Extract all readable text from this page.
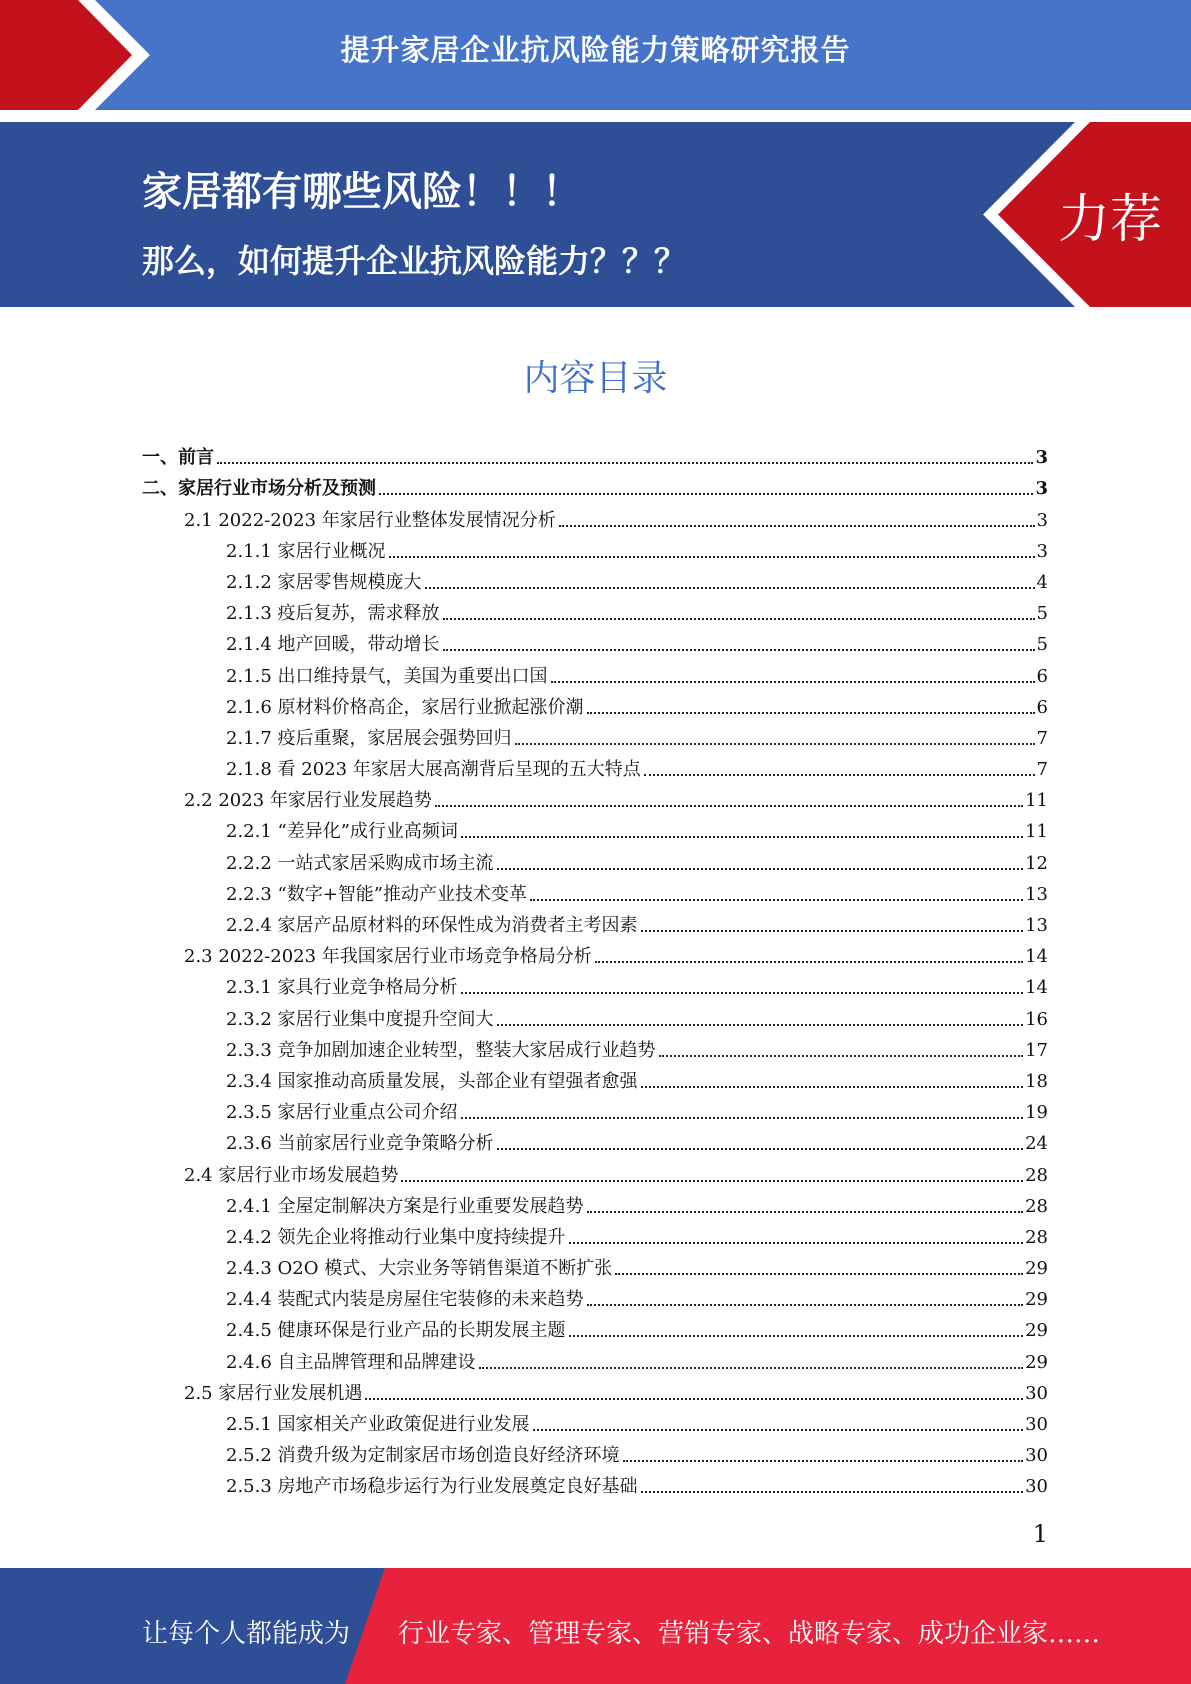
提升家居企业抗风险能力策略研究报告
家居都有哪些风险！！！
那么，如何提升企业抗风险能力？？？
力荐
内容目录
一、前言	3
二、家居行业市场分析及预测	3
2.1 2022-2023 年家居行业整体发展情况分析	3
2.1.1 家居行业概况	3
2.1.2 家居零售规模庞大	4
2.1.3 疫后复苏，需求释放	5
2.1.4 地产回暖，带动增长	5
2.1.5 出口维持景气，美国为重要出口国	6
2.1.6 原材料价格高企，家居行业掀起涨价潮	6
2.1.7 疫后重聚，家居展会强势回归	7
2.1.8 看 2023 年家居大展高潮背后呈现的五大特点	7
2.2 2023 年家居行业发展趋势	11
2.2.1 “差异化”成行业高频词	11
2.2.2 一站式家居采购成市场主流	12
2.2.3 “数字+智能”推动产业技术变革	13
2.2.4 家居产品原材料的环保性成为消费者主考因素	13
2.3 2022-2023 年我国家居行业市场竞争格局分析	14
2.3.1 家具行业竞争格局分析	14
2.3.2 家居行业集中度提升空间大	16
2.3.3 竞争加剧加速企业转型，整装大家居成行业趋势	17
2.3.4 国家推动高质量发展，头部企业有望强者愈强	18
2.3.5 家居行业重点公司介绍	19
2.3.6 当前家居行业竞争策略分析	24
2.4 家居行业市场发展趋势	28
2.4.1 全屋定制解决方案是行业重要发展趋势	28
2.4.2 领先企业将推动行业集中度持续提升	28
2.4.3 O2O 模式、大宗业务等销售渠道不断扩张	29
2.4.4 装配式内装是房屋住宅装修的未来趋势	29
2.4.5 健康环保是行业产品的长期发展主题	29
2.4.6 自主品牌管理和品牌建设	29
2.5 家居行业发展机遇	30
2.5.1 国家相关产业政策促进行业发展	30
2.5.2 消费升级为定制家居市场创造良好经济环境	30
2.5.3 房地产市场稳步运行为行业发展奠定良好基础	30
1
让每个人都能成为 行业专家、管理专家、营销专家、战略专家、成功企业家……
